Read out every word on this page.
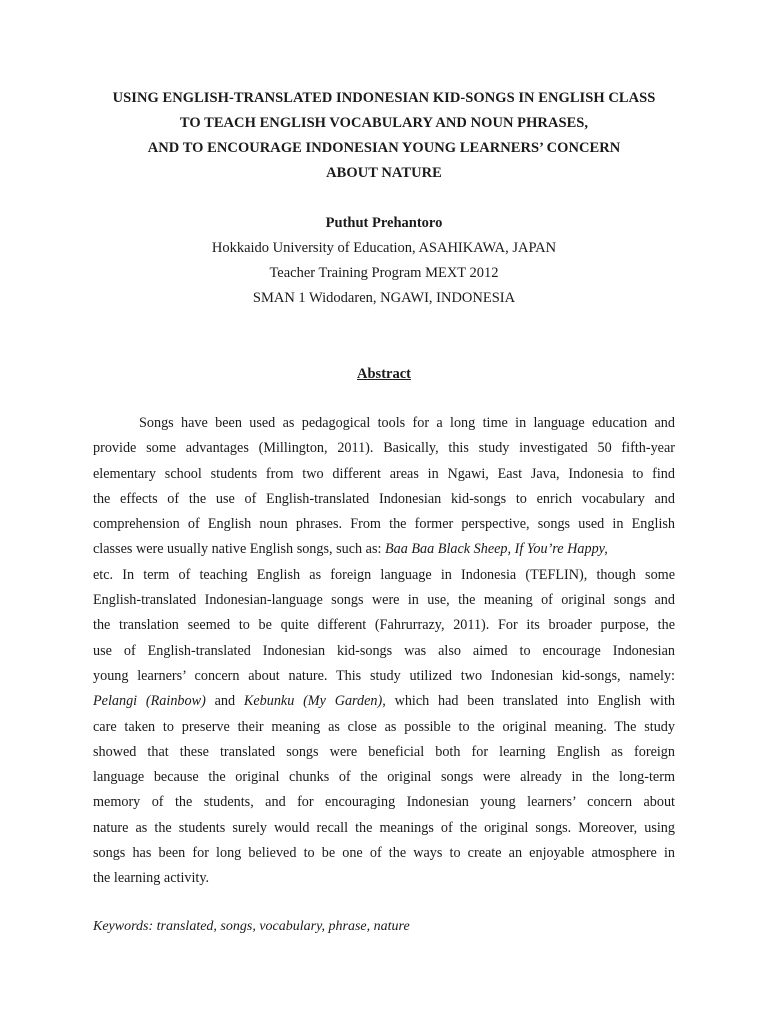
USING ENGLISH-TRANSLATED INDONESIAN KID-SONGS IN ENGLISH CLASS
TO TEACH ENGLISH VOCABULARY AND NOUN PHRASES,
AND TO ENCOURAGE INDONESIAN YOUNG LEARNERS’ CONCERN
ABOUT NATURE
Puthut Prehantoro
Hokkaido University of Education, ASAHIKAWA, JAPAN
Teacher Training Program MEXT 2012
SMAN 1 Widodaren, NGAWI, INDONESIA
Abstract
Songs have been used as pedagogical tools for a long time in language education and
provide some advantages (Millington, 2011). Basically, this study investigated 50 fifth-year
elementary school students from two different areas in Ngawi, East Java, Indonesia to find
the effects of the use of English-translated Indonesian kid-songs to enrich vocabulary and
comprehension of English noun phrases. From the former perspective, songs used in English
classes were usually native English songs, such as: Baa Baa Black Sheep, If You’re Happy,
etc. In term of teaching English as foreign language in Indonesia (TEFLIN), though some
English-translated Indonesian-language songs were in use, the meaning of original songs and
the translation seemed to be quite different (Fahrurrazy, 2011). For its broader purpose, the
use of English-translated Indonesian kid-songs was also aimed to encourage Indonesian
young learners’ concern about nature. This study utilized two Indonesian kid-songs, namely:
Pelangi (Rainbow) and Kebunku (My Garden), which had been translated into English with
care taken to preserve their meaning as close as possible to the original meaning. The study
showed that these translated songs were beneficial both for learning English as foreign
language because the original chunks of the original songs were already in the long-term
memory of the students, and for encouraging Indonesian young learners’ concern about
nature as the students surely would recall the meanings of the original songs. Moreover, using
songs has been for long believed to be one of the ways to create an enjoyable atmosphere in
the learning activity.
Keywords: translated, songs, vocabulary, phrase, nature
